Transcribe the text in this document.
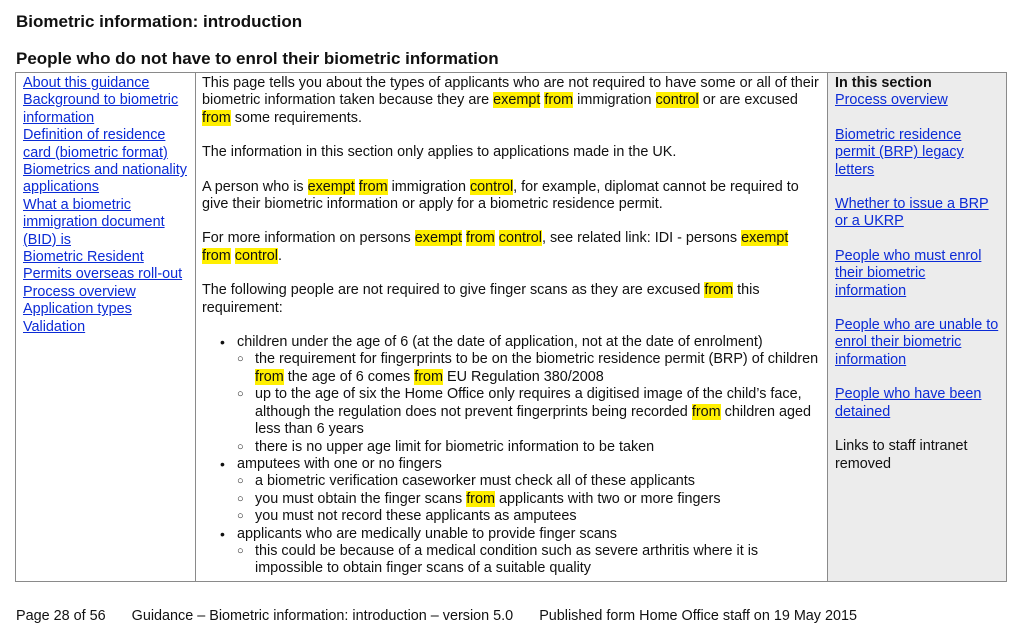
Biometric information: introduction
People who do not have to enrol their biometric information
About this guidance
Background to biometric information
Definition of residence card (biometric format)
Biometrics and nationality applications
What a biometric immigration document (BID) is
Biometric Resident Permits overseas roll-out
Process overview
Application types
Validation

This page tells you about the types of applicants who are not required to have some or all of their biometric information taken because they are exempt from immigration control or are excused from some requirements.

The information in this section only applies to applications made in the UK.

A person who is exempt from immigration control, for example, diplomat cannot be required to give their biometric information or apply for a biometric residence permit.

For more information on persons exempt from control, see related link: IDI - persons exempt from control.

The following people are not required to give finger scans as they are excused from this requirement:

• children under the age of 6 (at the date of application, not at the date of enrolment)
○ the requirement for fingerprints to be on the biometric residence permit (BRP) of children from the age of 6 comes from EU Regulation 380/2008
○ up to the age of six the Home Office only requires a digitised image of the child’s face, although the regulation does not prevent fingerprints being recorded from children aged less than 6 years
○ there is no upper age limit for biometric information to be taken
• amputees with one or no fingers
○ a biometric verification caseworker must check all of these applicants
○ you must obtain the finger scans from applicants with two or more fingers
○ you must not record these applicants as amputees
• applicants who are medically unable to provide finger scans
○ this could be because of a medical condition such as severe arthritis where it is impossible to obtain finger scans of a suitable quality
In this section
Process overview
Biometric residence permit (BRP) legacy letters
Whether to issue a BRP or a UKRP
People who must enrol their biometric information
People who are unable to enrol their biometric information
People who have been detained
Links to staff intranet removed
Page 28 of 56 Guidance – Biometric information: introduction – version 5.0 Published form Home Office staff on 19 May 2015
